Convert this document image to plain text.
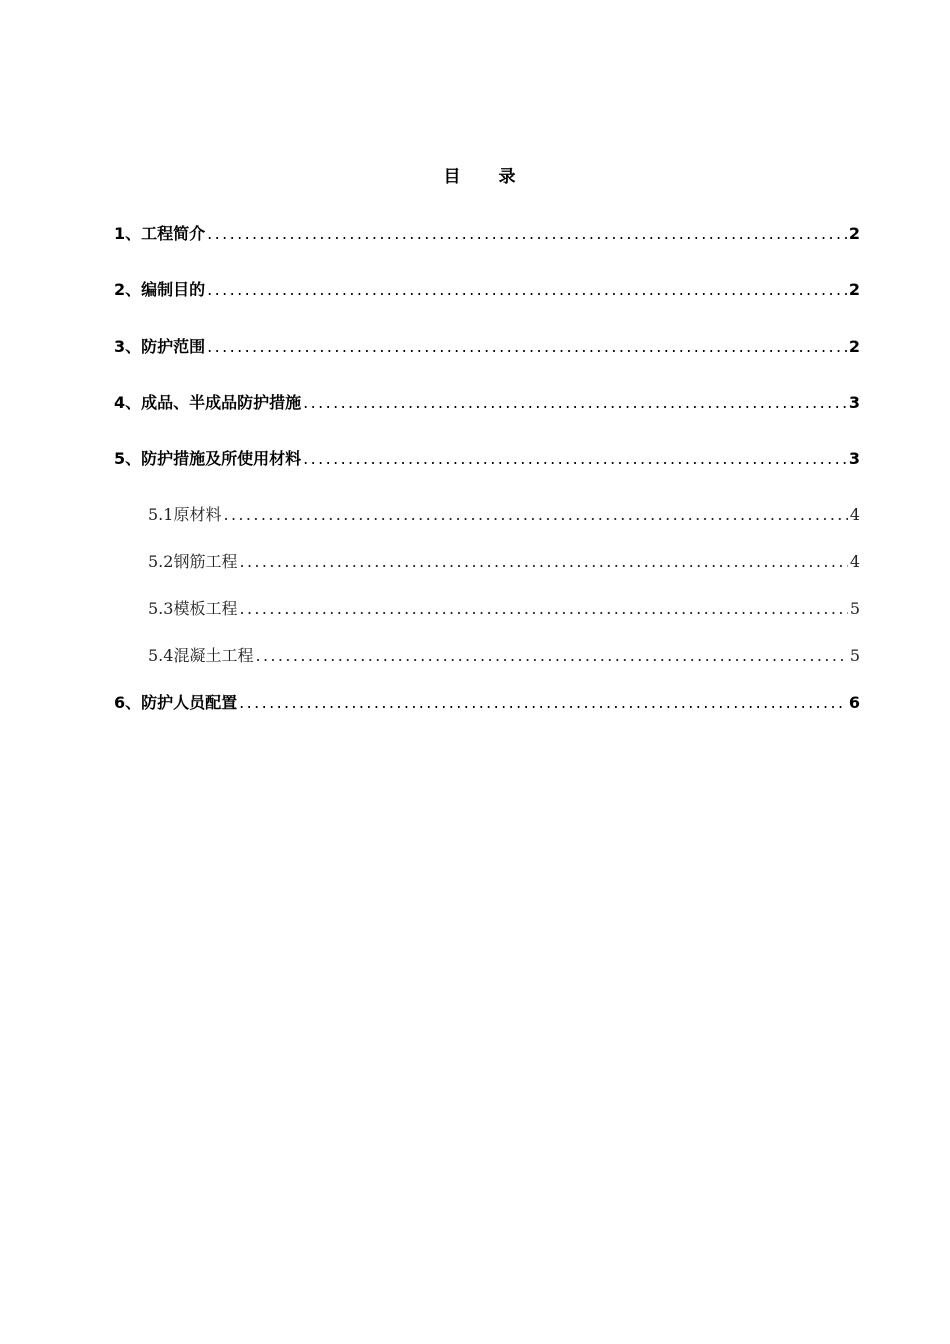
目 录
1、工程简介 .....	2
2、编制目的 .....	2
3、防护范围 .....	2
4、成品、半成品防护措施 .....	3
5、防护措施及所使用材料 .....	3
5.1原材料 .....	4
5.2钢筋工程 .....	4
5.3模板工程 .....	5
5.4混凝土工程 .....	5
6、防护人员配置 .....	6
